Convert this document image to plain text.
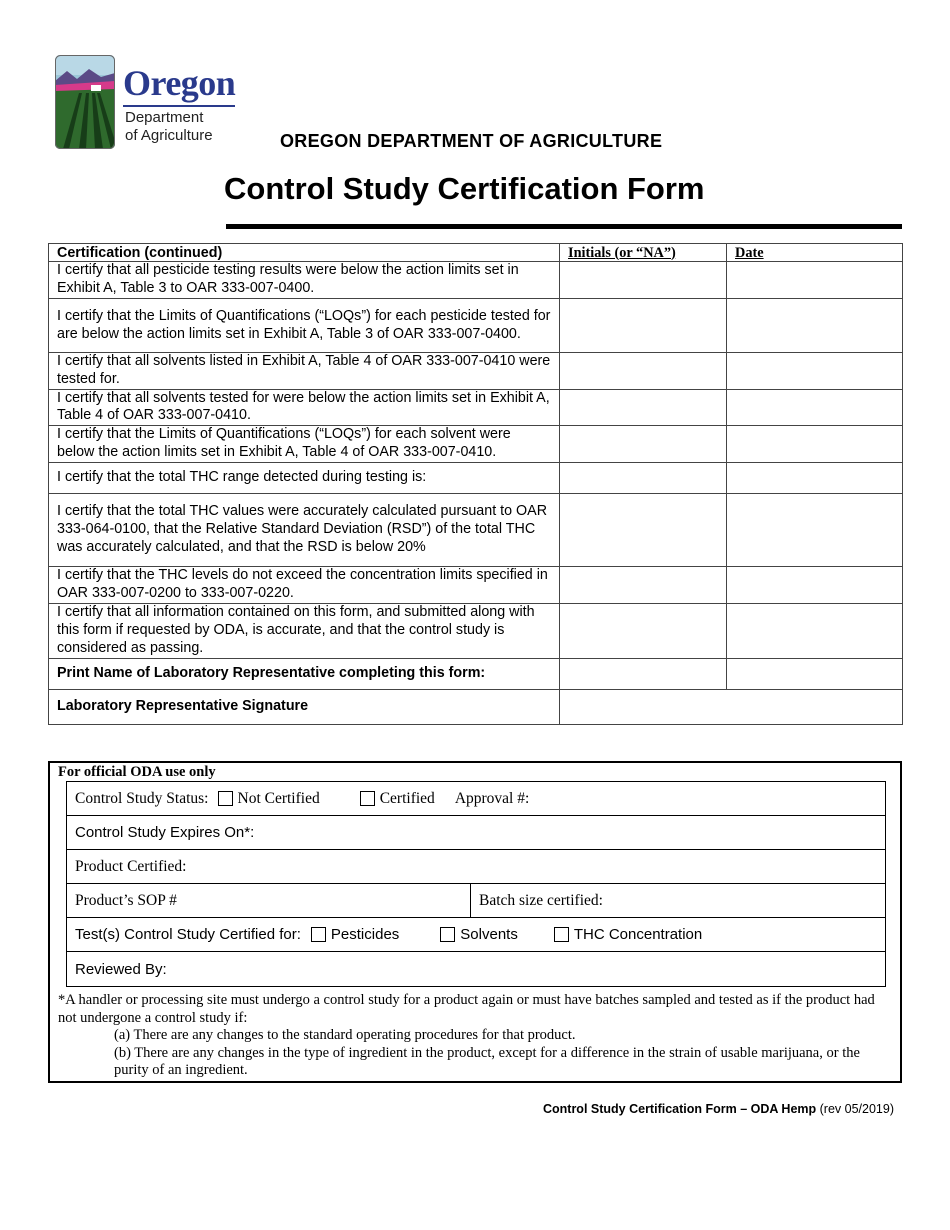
Oregon
Department
of Agriculture	OREGON DEPARTMENT OF AGRICULTURE
Control Study Certification Form
Certification (continued)	Initials (or “NA”)	Date
I certify that all pesticide testing results were below the action limits set in Exhibit A, Table 3 to OAR 333-007-0400.		
I certify that the Limits of Quantifications (“LOQs”) for each pesticide tested for are below the action limits set in Exhibit A, Table 3 of OAR 333-007-0400.		
I certify that all solvents listed in Exhibit A, Table 4 of OAR 333-007-0410 were tested for.		
I certify that all solvents tested for were below the action limits set in Exhibit A, Table 4 of OAR 333-007-0410.		
I certify that the Limits of Quantifications (“LOQs”) for each solvent were below the action limits set in Exhibit A, Table 4 of OAR 333-007-0410.		
I certify that the total THC range detected during testing is:		
I certify that the total THC values were accurately calculated pursuant to OAR 333-064-0100, that the Relative Standard Deviation (RSD”) of the total THC was accurately calculated, and that the RSD is below 20%		
I certify that the THC levels do not exceed the concentration limits specified in OAR 333-007-0200 to 333-007-0220.		
I certify that all information contained on this form, and submitted along with this form if requested by ODA, is accurate, and that the control study is considered as passing.		
Print Name of Laboratory Representative completing this form:		
Laboratory Representative Signature		
For official ODA use only
Control Study Status: Not Certified	Certified Approval #:
Control Study Expires On*:
Product Certified:
Product’s SOP #	Batch size certified:
Test(s) Control Study Certified for: Pesticides	Solvents	THC Concentration
Reviewed By:
*A handler or processing site must undergo a control study for a product again or must have batches sampled and tested as if the product had not undergone a control study if:
(a) There are any changes to the standard operating procedures for that product.
(b) There are any changes in the type of ingredient in the product, except for a difference in the strain of usable marijuana, or the purity of an ingredient.
Control Study Certification Form – ODA Hemp (rev 05/2019)
